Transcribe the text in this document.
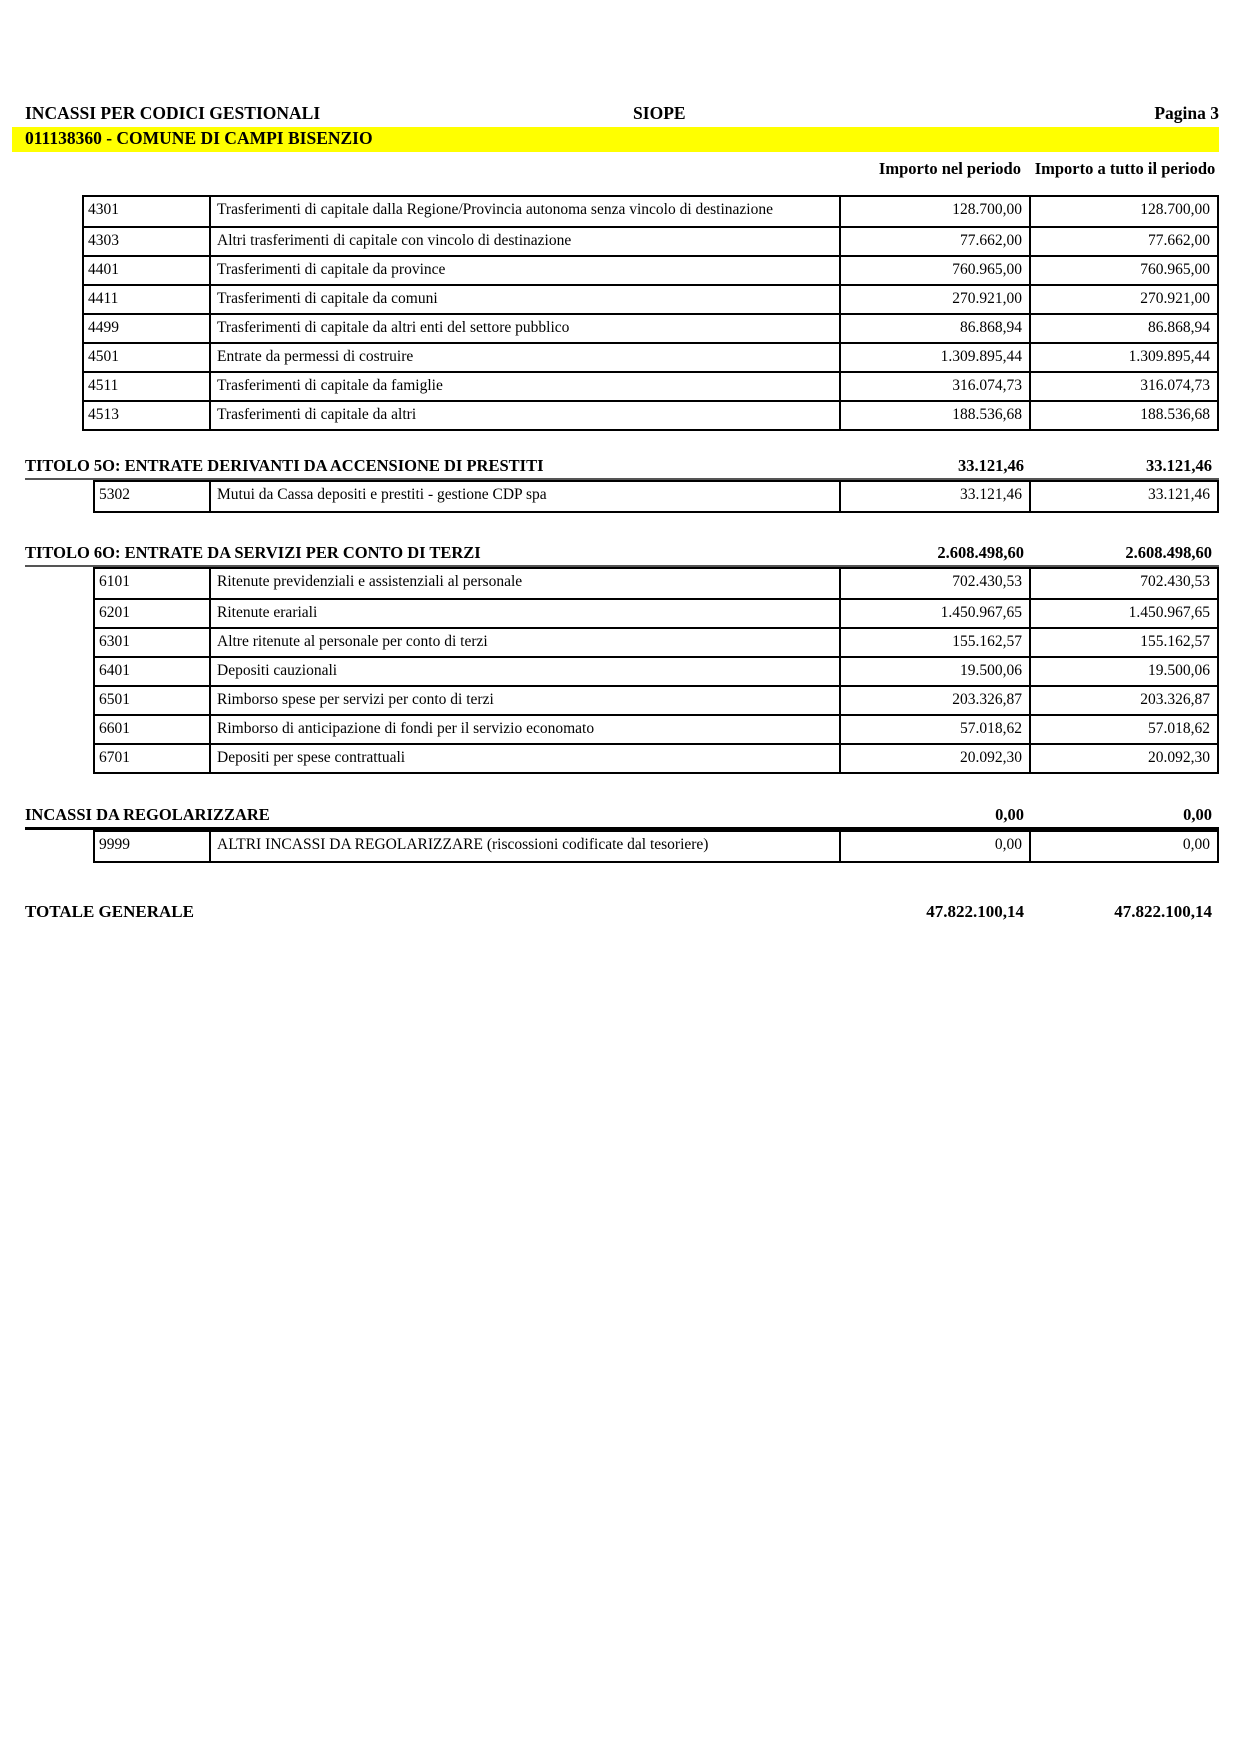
INCASSI PER CODICI GESTIONALI	SIOPE	Pagina 3
011138360 - COMUNE DI CAMPI BISENZIO
Importo nel periodo Importo a tutto il periodo
4301	Trasferimenti di capitale dalla Regione/Provincia autonoma senza vincolo di destinazione	128.700,00	128.700,00
4303	Altri trasferimenti di capitale con vincolo di destinazione	77.662,00	77.662,00
4401	Trasferimenti di capitale da province	760.965,00	760.965,00
4411	Trasferimenti di capitale da comuni	270.921,00	270.921,00
4499	Trasferimenti di capitale da altri enti del settore pubblico	86.868,94	86.868,94
4501	Entrate da permessi di costruire	1.309.895,44	1.309.895,44
4511	Trasferimenti di capitale da famiglie	316.074,73	316.074,73
4513	Trasferimenti di capitale da altri	188.536,68	188.536,68
TITOLO 5O: ENTRATE DERIVANTI DA ACCENSIONE DI PRESTITI	33.121,46	33.121,46
5302	Mutui da Cassa depositi e prestiti - gestione CDP spa	33.121,46	33.121,46
TITOLO 6O: ENTRATE DA SERVIZI PER CONTO DI TERZI	2.608.498,60	2.608.498,60
6101	Ritenute previdenziali e assistenziali al personale	702.430,53	702.430,53
6201	Ritenute erariali	1.450.967,65	1.450.967,65
6301	Altre ritenute al personale per conto di terzi	155.162,57	155.162,57
6401	Depositi cauzionali	19.500,06	19.500,06
6501	Rimborso spese per servizi per conto di terzi	203.326,87	203.326,87
6601	Rimborso di anticipazione di fondi per il servizio economato	57.018,62	57.018,62
6701	Depositi per spese contrattuali	20.092,30	20.092,30
INCASSI DA REGOLARIZZARE	0,00	0,00
9999	ALTRI INCASSI DA REGOLARIZZARE (riscossioni codificate dal tesoriere)	0,00	0,00
TOTALE GENERALE	47.822.100,14	47.822.100,14
